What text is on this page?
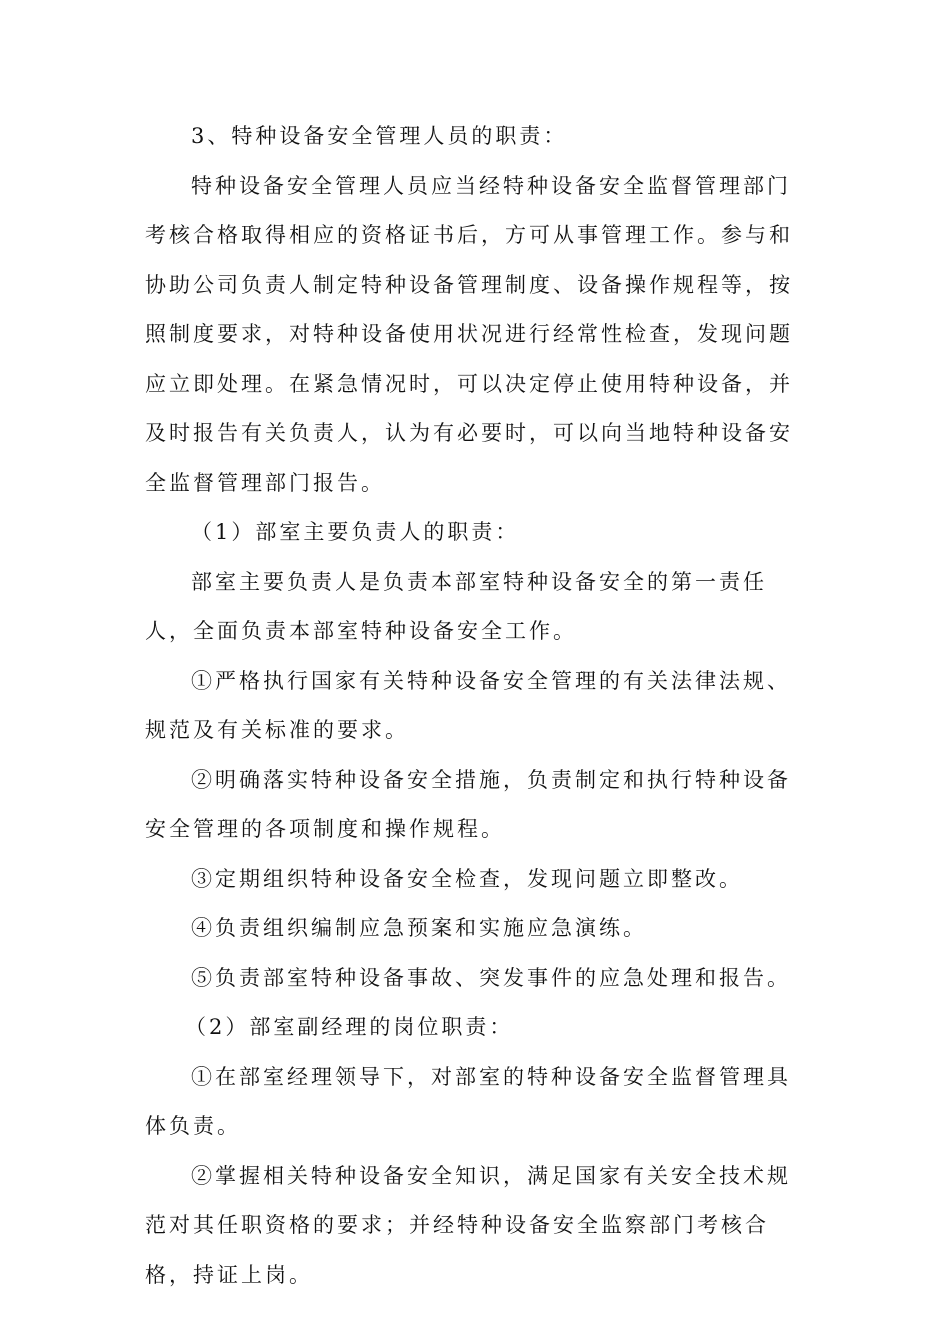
3、特种设备安全管理人员的职责：

特种设备安全管理人员应当经特种设备安全监督管理部门考核合格取得相应的资格证书后，方可从事管理工作。参与和协助公司负责人制定特种设备管理制度、设备操作规程等，按照制度要求，对特种设备使用状况进行经常性检查，发现问题应立即处理。在紧急情况时，可以决定停止使用特种设备，并及时报告有关负责人，认为有必要时，可以向当地特种设备安全监督管理部门报告。

（1）部室主要负责人的职责：

部室主要负责人是负责本部室特种设备安全的第一责任人，全面负责本部室特种设备安全工作。

①严格执行国家有关特种设备安全管理的有关法律法规、规范及有关标准的要求。

②明确落实特种设备安全措施，负责制定和执行特种设备安全管理的各项制度和操作规程。

③定期组织特种设备安全检查，发现问题立即整改。

④负责组织编制应急预案和实施应急演练。

⑤负责部室特种设备事故、突发事件的应急处理和报告。

（2）部室副经理的岗位职责：

①在部室经理领导下，对部室的特种设备安全监督管理具体负责。

②掌握相关特种设备安全知识，满足国家有关安全技术规范对其任职资格的要求；并经特种设备安全监察部门考核合格，持证上岗。
